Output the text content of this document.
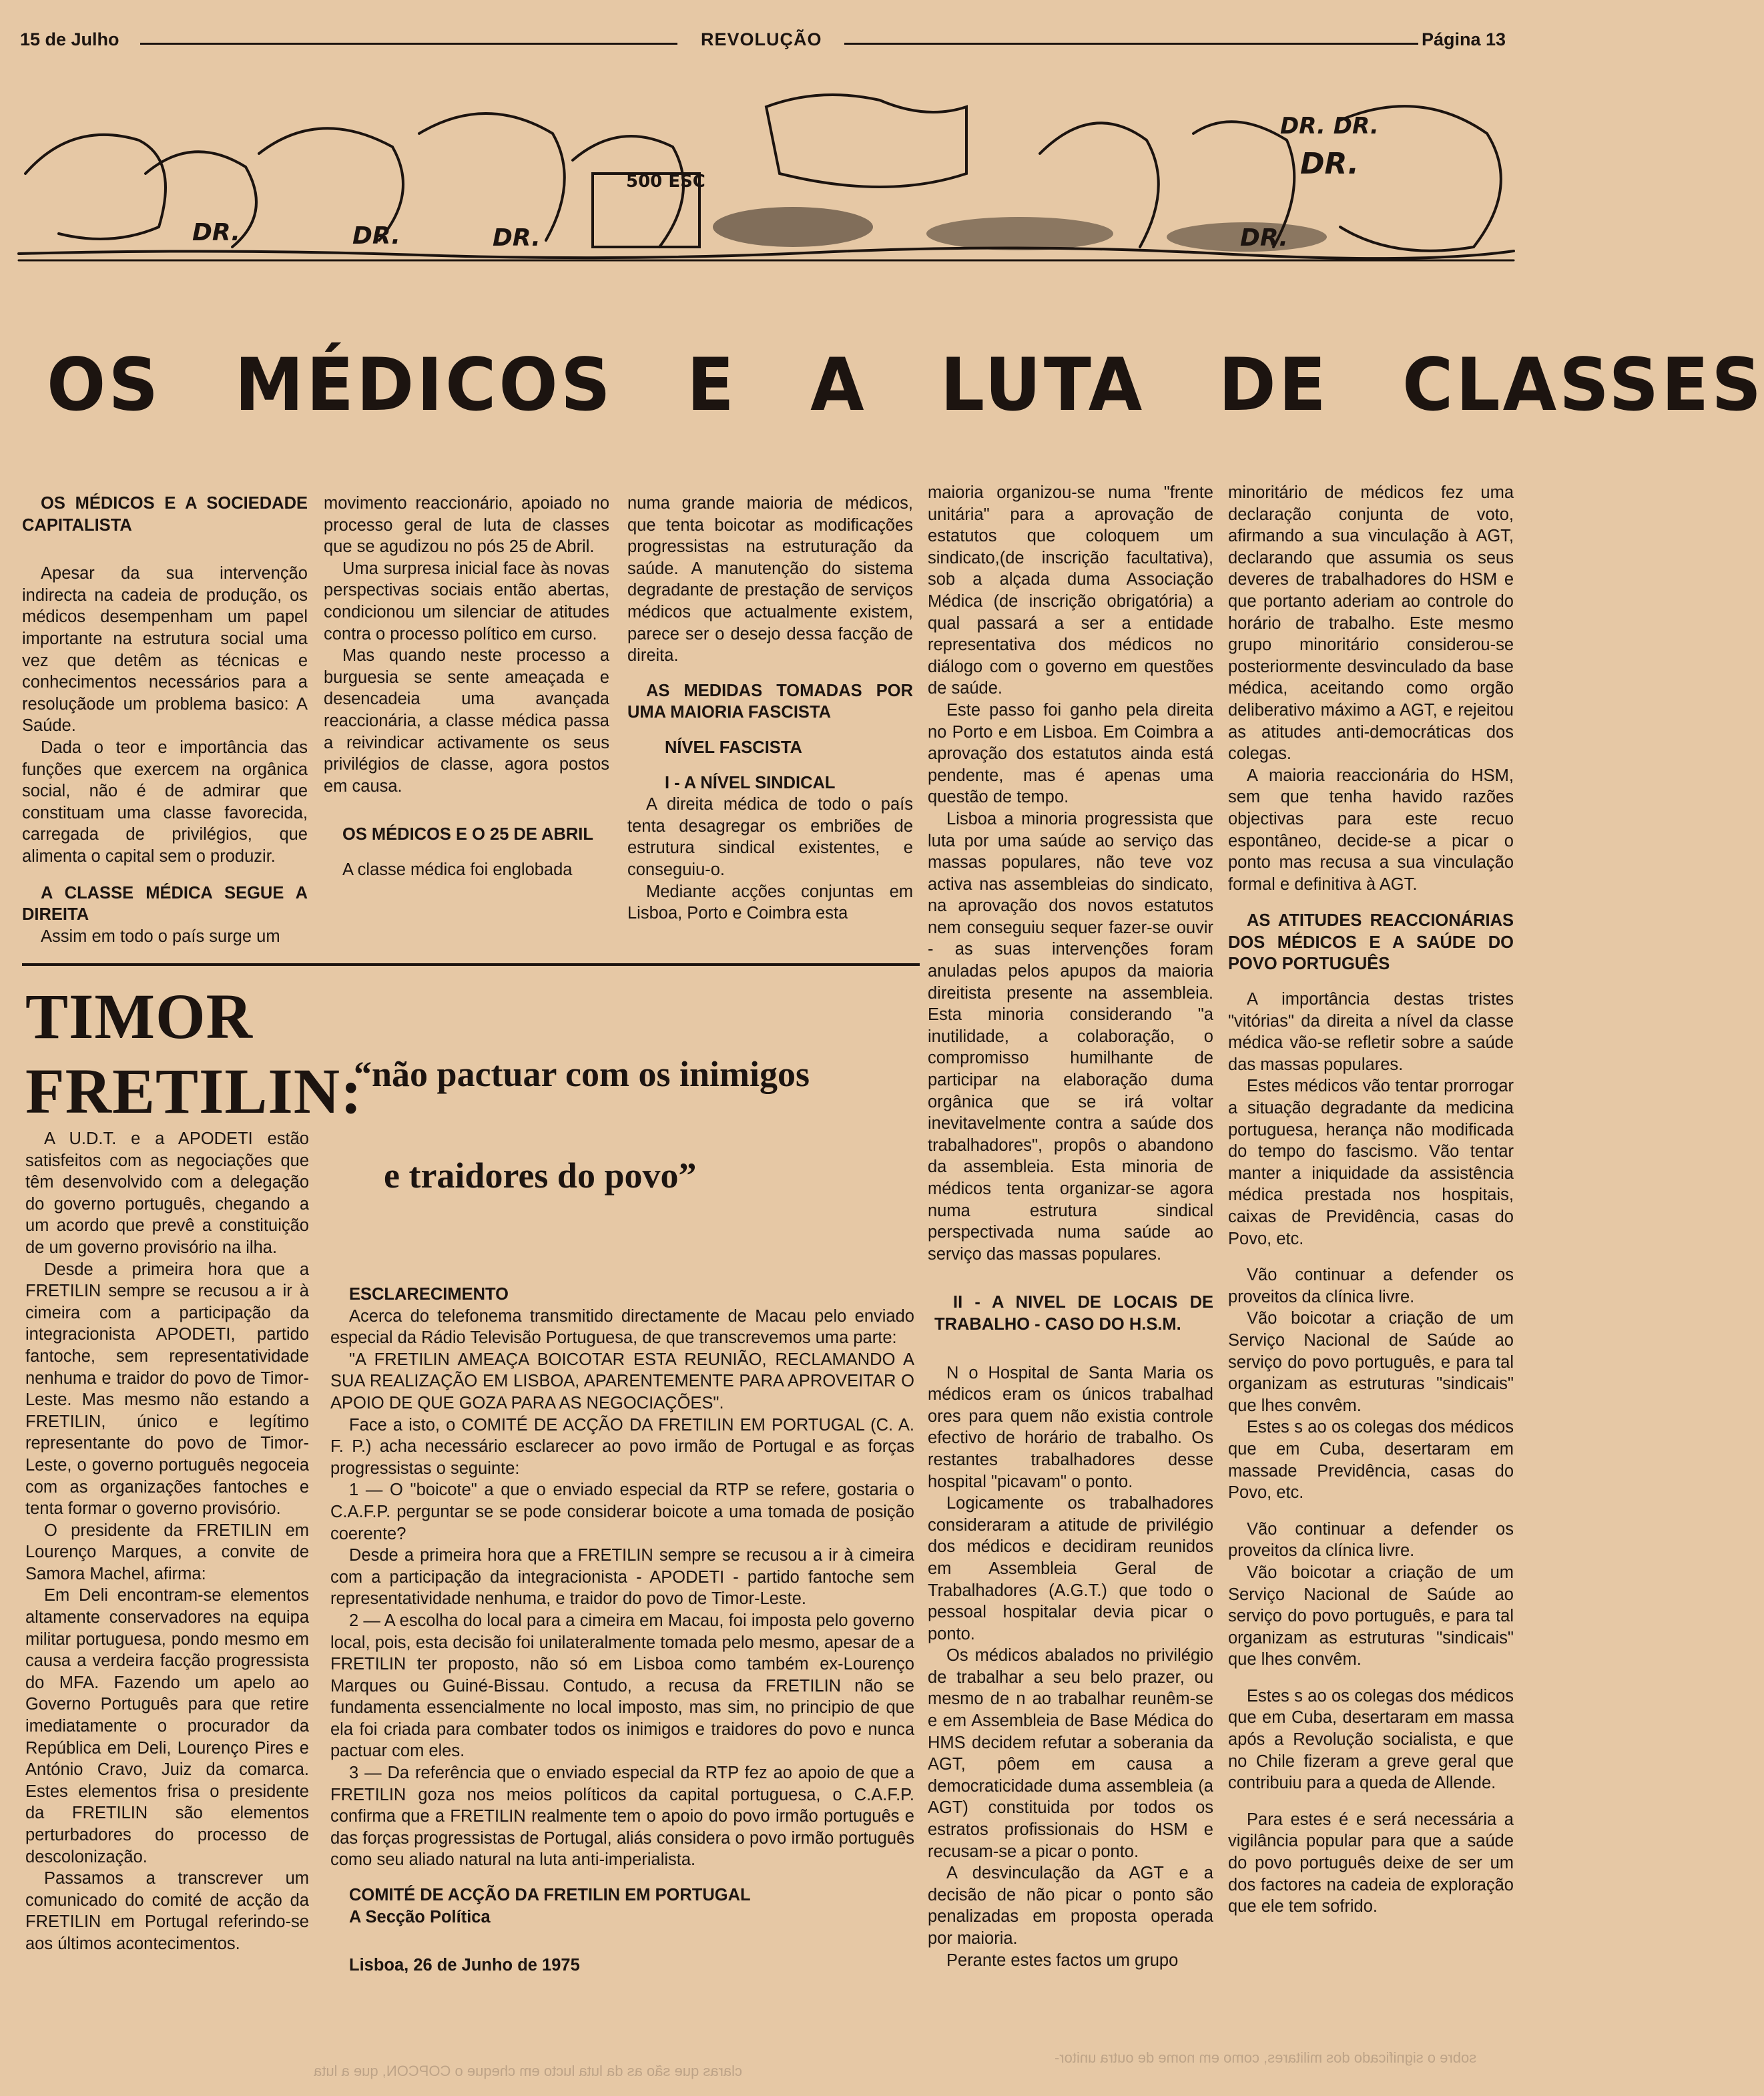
15 de Julho	REVOLUÇÃO	Página 13
DR.	DR.	DR.	DR.
DR.
DR. DR.
500 ESC
OS MÉDICOS E A LUTA DE CLASSES

OS MÉDICOS E A SOCIEDADE CAPITALISTA

Apesar da sua intervenção indirecta na cadeia de produção, os médicos desempenham um papel importante na estrutura social uma vez que detêm as técnicas e conhecimentos necessários para a resoluçãode um problema basico: A Saúde.

Dada o teor e importância das funções que exercem na orgânica social, não é de admirar que constituam uma classe favorecida, carregada de privilégios, que alimenta o capital sem o produzir.

A CLASSE MÉDICA SEGUE A DIREITA

Assim em todo o país surge um

movimento reaccionário, apoiado no processo geral de luta de classes que se agudizou no pós 25 de Abril.

Uma surpresa inicial face às novas perspectivas sociais então abertas, condicionou um silenciar de atitudes contra o processo político em curso.

Mas quando neste processo a burguesia se sente ameaçada e desencadeia uma avançada reaccionária, a classe médica passa a reivindicar activamente os seus privilégios de classe, agora postos em causa.

OS MÉDICOS E O 25 DE ABRIL

A classe médica foi englobada

numa grande maioria de médicos, que tenta boicotar as modificações progressistas na estruturação da saúde. A manutenção do sistema degradante de prestação de serviços médicos que actualmente existem, parece ser o desejo dessa facção de direita.

AS MEDIDAS TOMADAS POR UMA MAIORIA FASCISTA

NÍVEL FASCISTA

I - A NÍVEL SINDICAL

A direita médica de todo o país tenta desagregar os embriões de estrutura sindical existentes, e conseguiu-o.

Mediante acções conjuntas em Lisboa, Porto e Coimbra esta

maioria organizou-se numa "frente unitária" para a aprovação de estatutos que coloquem um sindicato,(de inscrição facultativa), sob a alçada duma Associação Médica (de inscrição obrigatória) a qual passará a ser a entidade representativa dos médicos no diálogo com o governo em questões de saúde.

Este passo foi ganho pela direita no Porto e em Lisboa. Em Coimbra a aprovação dos estatutos ainda está pendente, mas é apenas uma questão de tempo.

Lisboa a minoria progressista que luta por uma saúde ao serviço das massas populares, não teve voz activa nas assembleias do sindicato, na aprovação dos novos estatutos nem conseguiu sequer fazer-se ouvir - as suas intervenções foram anuladas pelos apupos da maioria direitista presente na assembleia. Esta minoria considerando "a inutilidade, a colaboração, o compromisso humilhante de participar na elaboração duma orgânica que se irá voltar inevitavelmente contra a saúde dos trabalhadores", propôs o abandono da assembleia. Esta minoria de médicos tenta organizar-se agora numa estrutura sindical perspectivada numa saúde ao serviço das massas populares.

II - A NIVEL DE LOCAIS DE TRABALHO - CASO DO H.S.M.

N o Hospital de Santa Maria os médicos eram os únicos trabalhad ores para quem não existia controle efectivo de horário de trabalho. Os restantes trabalhadores desse hospital "picavam" o ponto.

Logicamente os trabalhadores consideraram a atitude de privilégio dos médicos e decidiram reunidos em Assembleia Geral de Trabalhadores (A.G.T.) que todo o pessoal hospitalar devia picar o ponto.

Os médicos abalados no privilégio de trabalhar a seu belo prazer, ou mesmo de n ao trabalhar reunêm-se e em Assembleia de Base Médica do HMS decidem refutar a soberania da AGT, pôem em causa a democraticidade duma assembleia (a AGT) constituida por todos os estratos profissionais do HSM e recusam-se a picar o ponto.

A desvinculação da AGT e a decisão de não picar o ponto são penalizadas em proposta operada por maioria.

Perante estes factos um grupo

minoritário de médicos fez uma declaração conjunta de voto, afirmando a sua vinculação à AGT, declarando que assumia os seus deveres de trabalhadores do HSM e que portanto aderiam ao controle do horário de trabalho. Este mesmo grupo minoritário considerou-se posteriormente desvinculado da base médica, aceitando como orgão deliberativo máximo a AGT, e rejeitou as atitudes anti-democráticas dos colegas.

A maioria reaccionária do HSM, sem que tenha havido razões objectivas para este recuo espontâneo, decide-se a picar o ponto mas recusa a sua vinculação formal e definitiva à AGT.

AS ATITUDES REACCIONÁRIAS DOS MÉDICOS E A SAÚDE DO POVO PORTUGUÊS

A importância destas tristes "vitórias" da direita a nível da classe médica vão-se refletir sobre a saúde das massas populares.

Estes médicos vão tentar prorrogar a situação degradante da medicina portuguesa, herança não modificada do tempo do fascismo. Vão tentar manter a iniquidade da assistência médica prestada nos hospitais, caixas de Previdência, casas do Povo, etc.

Vão continuar a defender os proveitos da clínica livre.

Vão boicotar a criação de um Serviço Nacional de Saúde ao serviço do povo português, e para tal organizam as estruturas "sindicais" que lhes convêm.

Estes s ao os colegas dos médicos que em Cuba, desertaram em massade Previdência, casas do Povo, etc.

Vão continuar a defender os proveitos da clínica livre.

Vão boicotar a criação de um Serviço Nacional de Saúde ao serviço do povo português, e para tal organizam as estruturas "sindicais" que lhes convêm.

Estes s ao os colegas dos médicos que em Cuba, desertaram em massa após a Revolução socialista, e que no Chile fizeram a greve geral que contribuiu para a queda de Allende.

Para estes é e será necessária a vigilância popular para que a saúde do povo português deixe de ser um dos factores na cadeia de exploração que ele tem sofrido.

TIMOR
FRETILIN:
“não pactuar com os inimigos
e traidores do povo”

A U.D.T. e a APODETI estão satisfeitos com as negociações que têm desenvolvido com a delegação do governo português, chegando a um acordo que prevê a constituição de um governo provisório na ilha.

Desde a primeira hora que a FRETILIN sempre se recusou a ir à cimeira com a participação da integracionista APODETI, partido fantoche, sem representatividade nenhuma e traidor do povo de Timor-Leste. Mas mesmo não estando a FRETILIN, único e legítimo representante do povo de Timor-Leste, o governo português negoceia com as organizações fantoches e tenta formar o governo provisório.

O presidente da FRETILIN em Lourenço Marques, a convite de Samora Machel, afirma:

Em Deli encontram-se elementos altamente conservadores na equipa militar portuguesa, pondo mesmo em causa a verdeira facção progressista do MFA. Fazendo um apelo ao Governo Português para que retire imediatamente o procurador da República em Deli, Lourenço Pires e António Cravo, Juiz da comarca. Estes elementos frisa o presidente da FRETILIN são elementos perturbadores do processo de descolonização.

Passamos a transcrever um comunicado do comité de acção da FRETILIN em Portugal referindo-se aos últimos acontecimentos.

ESCLARECIMENTO

Acerca do telefonema transmitido directamente de Macau pelo enviado especial da Rádio Televisão Portuguesa, de que transcrevemos uma parte:

"A FRETILIN AMEAÇA BOICOTAR ESTA REUNIÃO, RECLAMANDO A SUA REALIZAÇÃO EM LISBOA, APARENTEMENTE PARA APROVEITAR O APOIO DE QUE GOZA PARA AS NEGOCIAÇÕES".

Face a isto, o COMITÉ DE ACÇÃO DA FRETILIN EM PORTUGAL (C. A. F. P.) acha necessário esclarecer ao povo irmão de Portugal e as forças progressistas o seguinte:

1 — O "boicote" a que o enviado especial da RTP se refere, gostaria o C.A.F.P. perguntar se se pode considerar boicote a uma tomada de posição coerente?

Desde a primeira hora que a FRETILIN sempre se recusou a ir à cimeira com a participação da integracionista - APODETI - partido fantoche sem representatividade nenhuma, e traidor do povo de Timor-Leste.

2 — A escolha do local para a cimeira em Macau, foi imposta pelo governo local, pois, esta decisão foi unilateralmente tomada pelo mesmo, apesar de a FRETILIN ter proposto, não só em Lisboa como também ex-Lourenço Marques ou Guiné-Bissau. Contudo, a recusa da FRETILIN não se fundamenta essencialmente no local imposto, mas sim, no principio de que ela foi criada para combater todos os inimigos e traidores do povo e nunca pactuar com eles.

3 — Da referência que o enviado especial da RTP fez ao apoio de que a FRETILIN goza nos meios políticos da capital portuguesa, o C.A.F.P. confirma que a FRETILIN realmente tem o apoio do povo irmão português e das forças progressistas de Portugal, aliás considera o povo irmão português como seu aliado natural na luta anti-imperialista.

COMITÉ DE ACÇÃO DA FRETILIN EM PORTUGAL

A Secção Política

Lisboa, 26 de Junho de 1975

claras que são as da luta lucto em cheque o COPCON, que a luta
sobre o significado dos militares, como em nome de outra unitor-
